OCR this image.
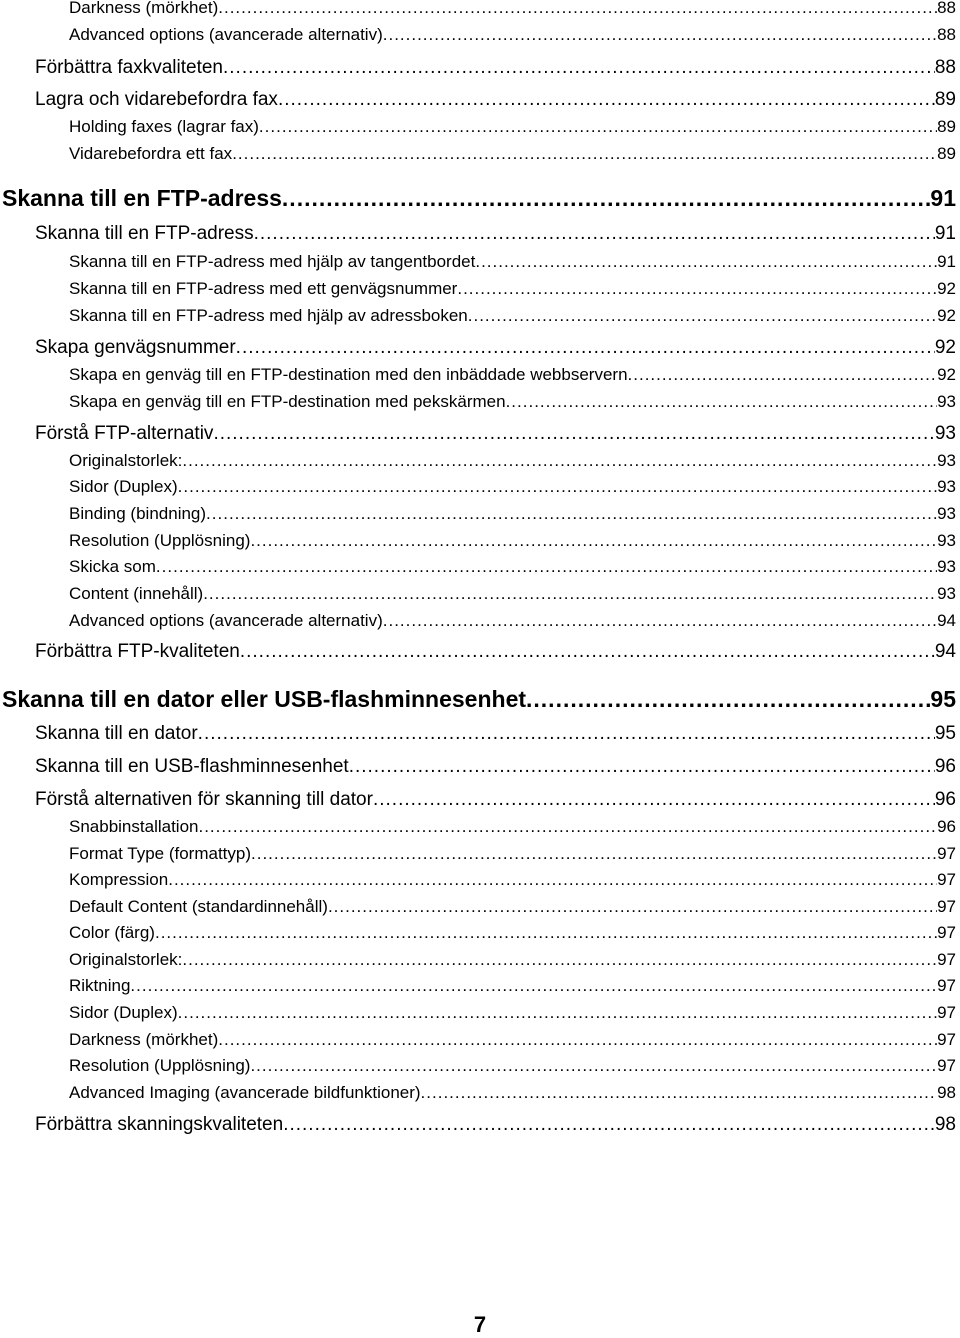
Darkness (mörkhet) .....	88
Advanced options (avancerade alternativ) .....	88
Förbättra faxkvaliteten .....	88
Lagra och vidarebefordra fax .....	89
Holding faxes (lagrar fax) .....	89
Vidarebefordra ett fax .....	89
Skanna till en FTP-adress .....	91
Skanna till en FTP-adress .....	91
Skanna till en FTP-adress med hjälp av tangentbordet .....	91
Skanna till en FTP-adress med ett genvägsnummer .....	92
Skanna till en FTP-adress med hjälp av adressboken .....	92
Skapa genvägsnummer .....	92
Skapa en genväg till en FTP-destination med den inbäddade webbservern .....	92
Skapa en genväg till en FTP-destination med pekskärmen .....	93
Förstå FTP-alternativ .....	93
Originalstorlek: .....	93
Sidor (Duplex) .....	93
Binding (bindning) .....	93
Resolution (Upplösning) .....	93
Skicka som .....	93
Content (innehåll) .....	93
Advanced options (avancerade alternativ) .....	94
Förbättra FTP-kvaliteten .....	94
Skanna till en dator eller USB-flashminnesenhet .....	95
Skanna till en dator .....	95
Skanna till en USB-flashminnesenhet .....	96
Förstå alternativen för skanning till dator .....	96
Snabbinstallation .....	96
Format Type (formattyp) .....	97
Kompression .....	97
Default Content (standardinnehåll) .....	97
Color (färg) .....	97
Originalstorlek: .....	97
Riktning .....	97
Sidor (Duplex) .....	97
Darkness (mörkhet) .....	97
Resolution (Upplösning) .....	97
Advanced Imaging (avancerade bildfunktioner) .....	98
Förbättra skanningskvaliteten .....	98
7
